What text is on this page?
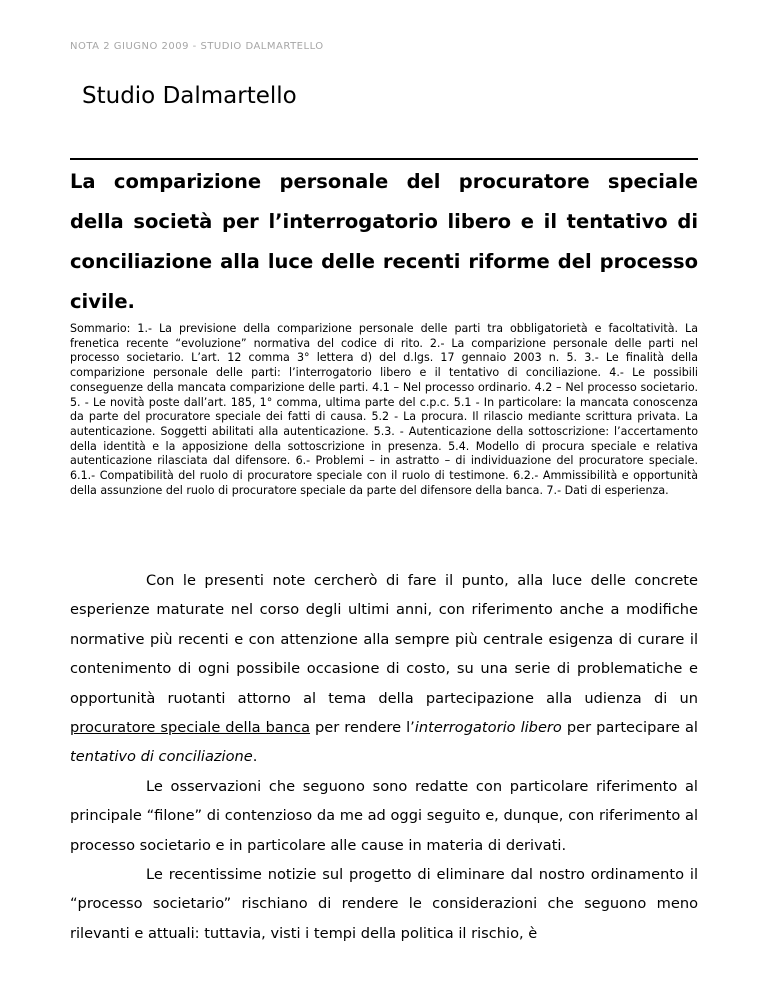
NOTA 2 GIUGNO 2009 - STUDIO DALMARTELLO
Studio Dalmartello
La comparizione personale del procuratore speciale della società per l’interrogatorio libero e il tentativo di conciliazione alla luce delle recenti riforme del processo civile.
Sommario: 1.- La previsione della comparizione personale delle parti tra obbligatorietà e facoltatività. La frenetica recente “evoluzione” normativa del codice di rito. 2.- La comparizione personale delle parti nel processo societario. L’art. 12 comma 3° lettera d) del d.lgs. 17 gennaio 2003 n. 5. 3.- Le finalità della comparizione personale delle parti: l’interrogatorio libero e il tentativo di conciliazione. 4.- Le possibili conseguenze della mancata comparizione delle parti. 4.1 – Nel processo ordinario. 4.2 – Nel processo societario. 5. - Le novità poste dall’art. 185, 1° comma, ultima parte del c.p.c. 5.1 - In particolare: la mancata conoscenza da parte del procuratore speciale dei fatti di causa. 5.2 - La procura. Il rilascio mediante scrittura privata. La autenticazione. Soggetti abilitati alla autenticazione. 5.3. - Autenticazione della sottoscrizione: l’accertamento della identità e la apposizione della sottoscrizione in presenza. 5.4. Modello di procura speciale e relativa autenticazione rilasciata dal difensore. 6.- Problemi – in astratto – di individuazione del procuratore speciale. 6.1.- Compatibilità del ruolo di procuratore speciale con il ruolo di testimone. 6.2.- Ammissibilità e opportunità della assunzione del ruolo di procuratore speciale da parte del difensore della banca. 7.- Dati di esperienza.

Con le presenti note cercherò di fare il punto, alla luce delle concrete esperienze maturate nel corso degli ultimi anni, con riferimento anche a modifiche normative più recenti e con attenzione alla sempre più centrale esigenza di curare il contenimento di ogni possibile occasione di costo, su una serie di problematiche e opportunità ruotanti attorno al tema della partecipazione alla udienza di un procuratore speciale della banca per rendere l’interrogatorio libero per partecipare al tentativo di conciliazione.

Le osservazioni che seguono sono redatte con particolare riferimento al principale “filone” di contenzioso da me ad oggi seguito e, dunque, con riferimento al processo societario e in particolare alle cause in materia di derivati.

Le recentissime notizie sul progetto di eliminare dal nostro ordinamento il “processo societario” rischiano di rendere le considerazioni che seguono meno rilevanti e attuali: tuttavia, visti i tempi della politica il rischio, è
